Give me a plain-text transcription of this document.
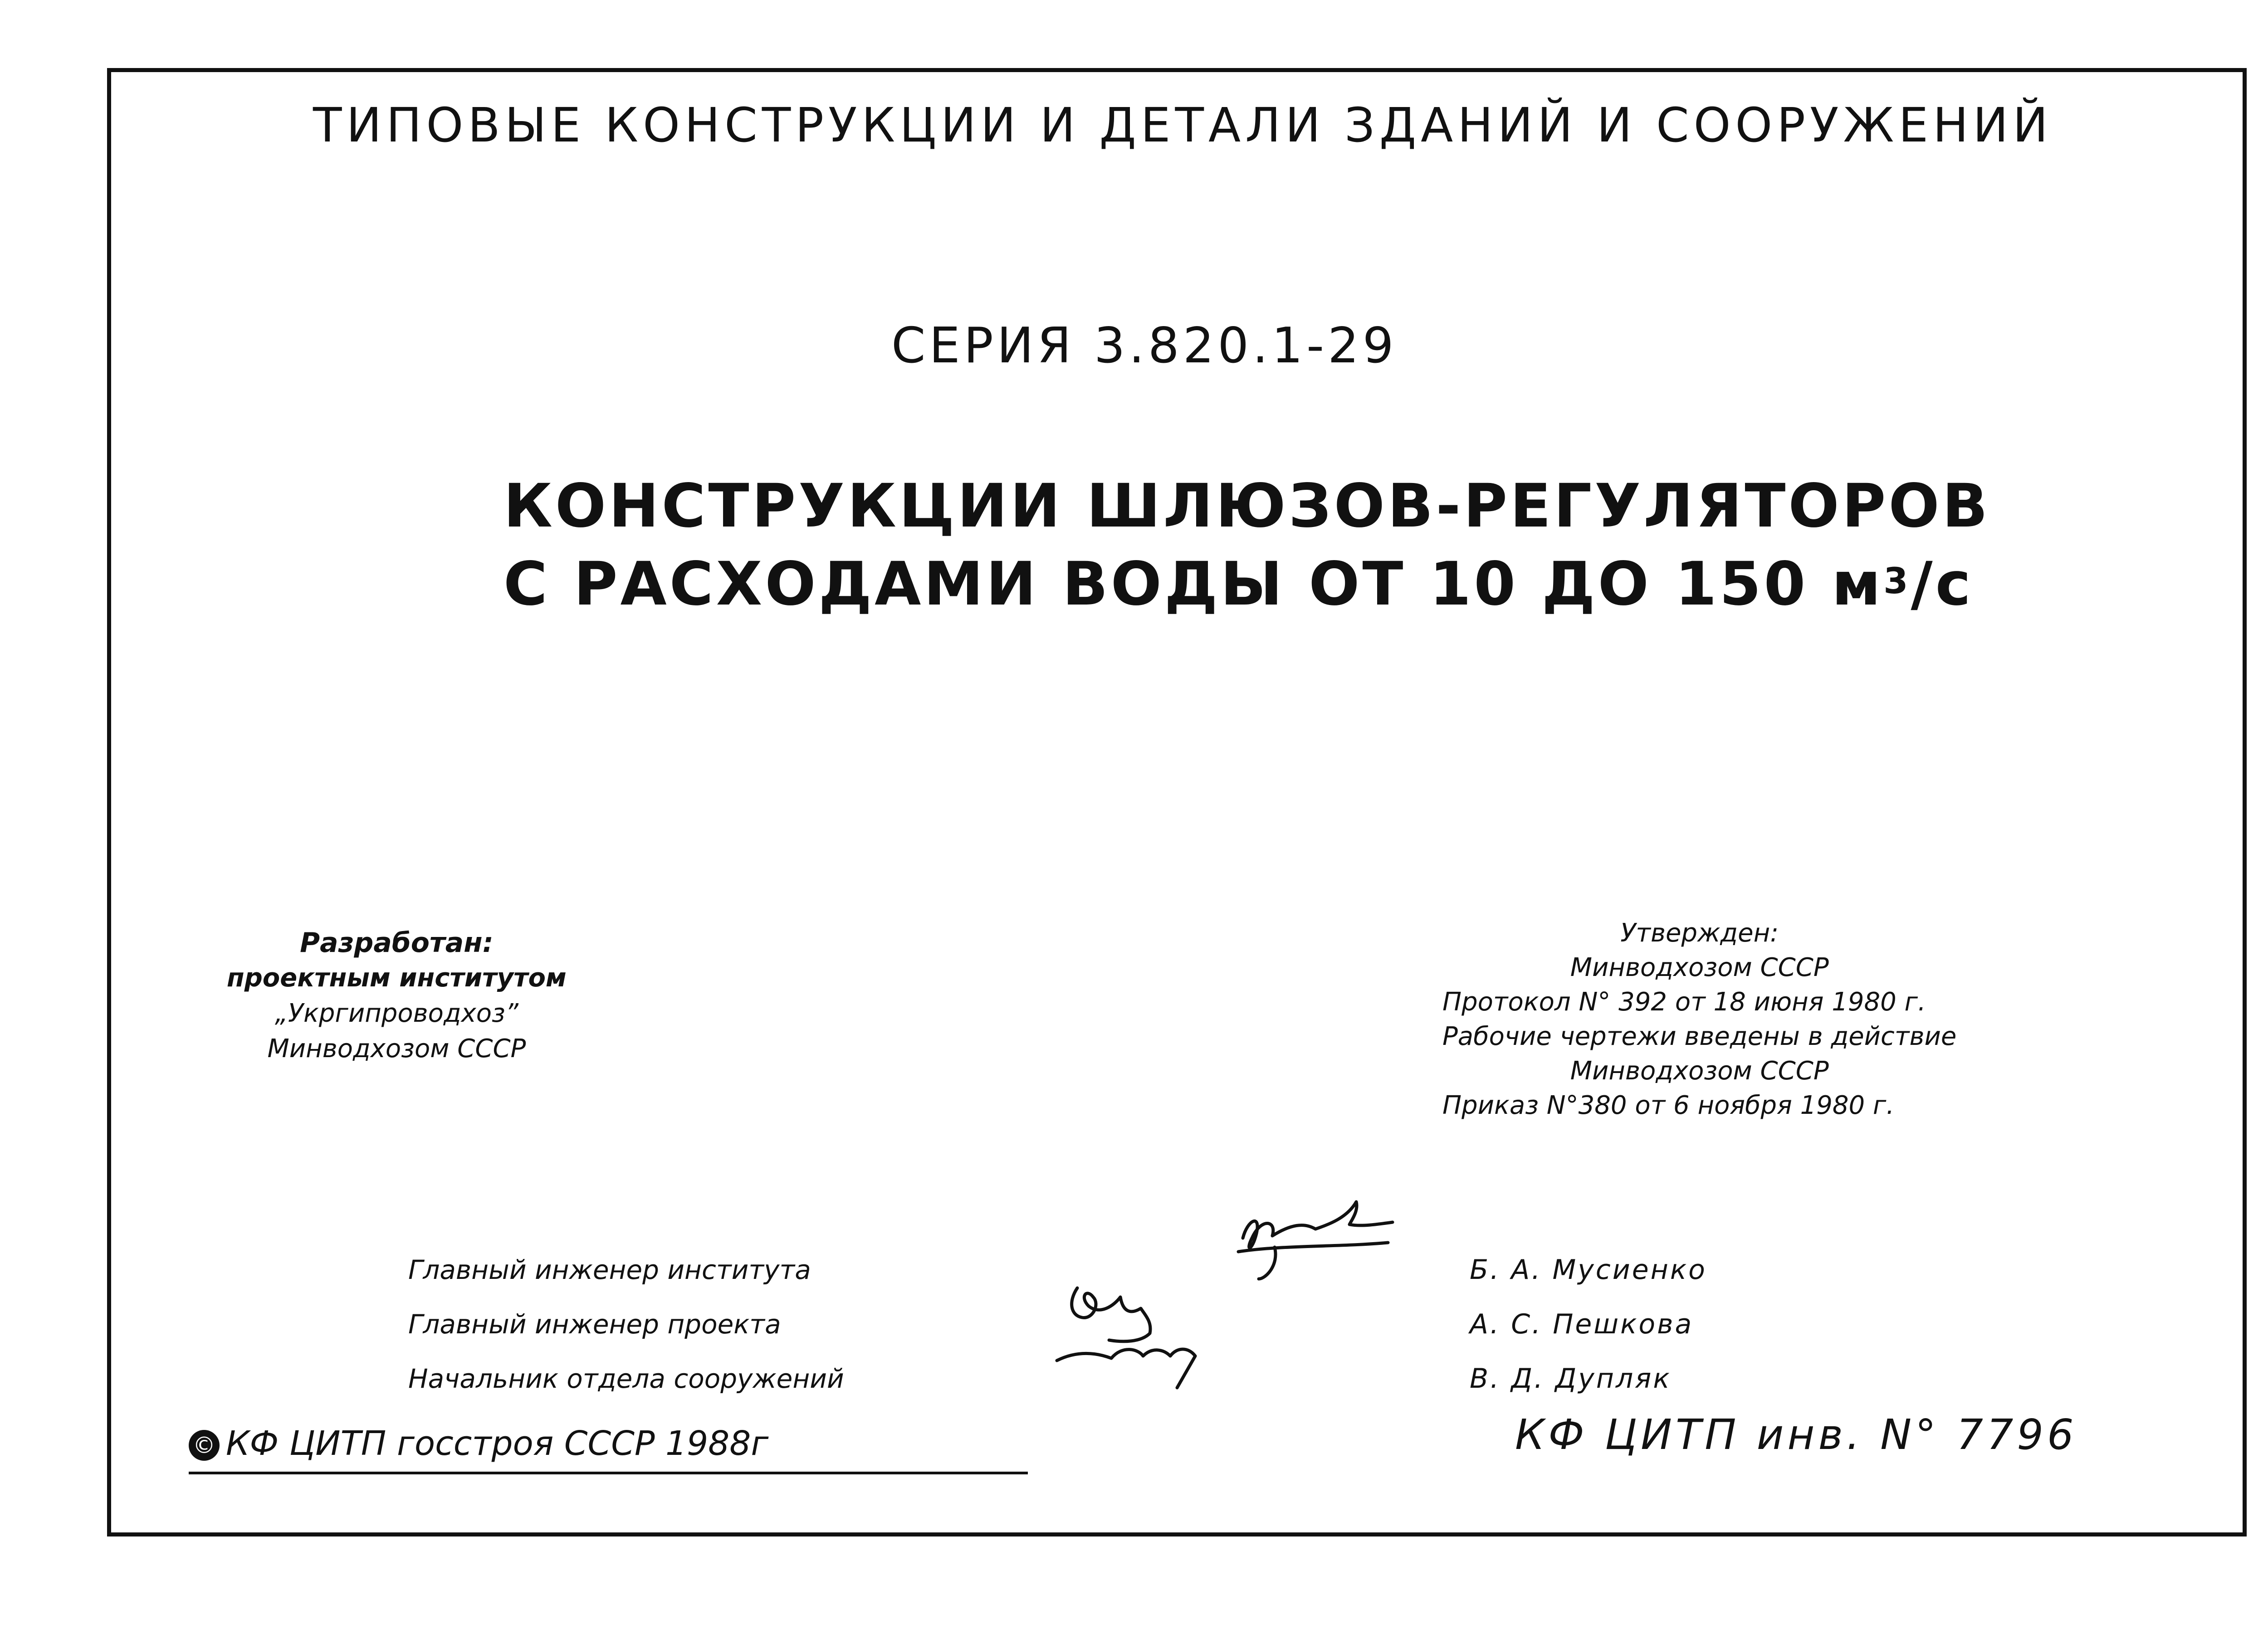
ТИПОВЫЕ КОНСТРУКЦИИ И ДЕТАЛИ ЗДАНИЙ И СООРУЖЕНИЙ
СЕРИЯ 3.820.1-29
КОНСТРУКЦИИ ШЛЮЗОВ-РЕГУЛЯТОРОВ
С РАСХОДАМИ ВОДЫ ОТ 10 ДО 150 $м^3/с$
Разработан:
проектным институтом
„Укргипроводхоз”
Минводхозом СССР
Утвержден:
Минводхозом СССР
Протокол N° 392 от 18 июня 1980 г.
Рабочие чертежи введены в действие
Минводхозом СССР
Приказ N°380 от 6 ноября 1980 г.
Главный инженер института
Главный инженер проекта
Начальник отдела сооружений
Б. А. Мусиенко
А. С. Пешкова
В. Д. Дупляк
© КФ ЦИТП госстроя СССР 1988г	КФ ЦИТП инв. N° 7796
